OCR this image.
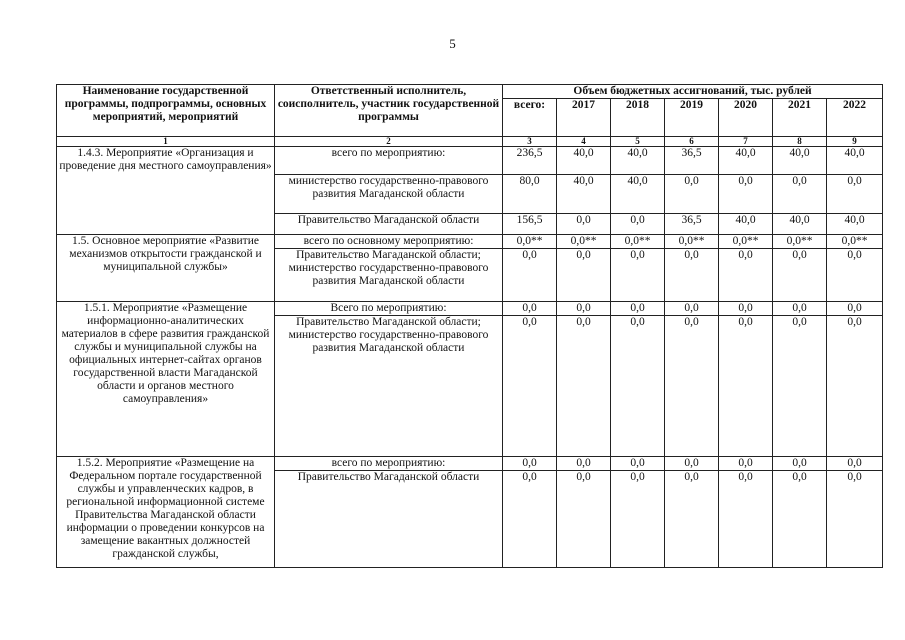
5
Наименование государственной программы, подпрограммы, основных мероприятий, мероприятий	Ответственный исполнитель, соисполнитель, участник государственной программы	Объем бюджетных ассигнований, тыс. рублей						
		всего:	2017	2018	2019	2020	2021	2022
1	2	3	4	5	6	7	8	9
1.4.3. Мероприятие «Организация и проведение дня местного самоуправления»	всего по мероприятию:	236,5	40,0	40,0	36,5	40,0	40,0	40,0
	министерство государственно-правового развития Магаданской области	80,0	40,0	40,0	0,0	0,0	0,0	0,0
	Правительство Магаданской области	156,5	0,0	0,0	36,5	40,0	40,0	40,0
1.5. Основное мероприятие «Развитие механизмов открытости гражданской и муниципальной службы»	всего по основному мероприятию:	0,0**	0,0**	0,0**	0,0**	0,0**	0,0**	0,0**
	Правительство Магаданской области; министерство государственно-правового развития Магаданской области	0,0	0,0	0,0	0,0	0,0	0,0	0,0
1.5.1. Мероприятие «Размещение информационно-аналитических материалов в сфере развития гражданской службы и муниципальной службы на официальных интернет-сайтах органов государственной власти Магаданской области и органов местного самоуправления»	Всего по мероприятию:	0,0	0,0	0,0	0,0	0,0	0,0	0,0
	Правительство Магаданской области; министерство государственно-правового развития Магаданской области	0,0	0,0	0,0	0,0	0,0	0,0	0,0
1.5.2. Мероприятие «Размещение на Федеральном портале государственной службы и управленческих кадров, в региональной информационной системе Правительства Магаданской области информации о проведении конкурсов на замещение вакантных должностей гражданской службы,	всего по мероприятию:	0,0	0,0	0,0	0,0	0,0	0,0	0,0
	Правительство Магаданской области	0,0	0,0	0,0	0,0	0,0	0,0	0,0
